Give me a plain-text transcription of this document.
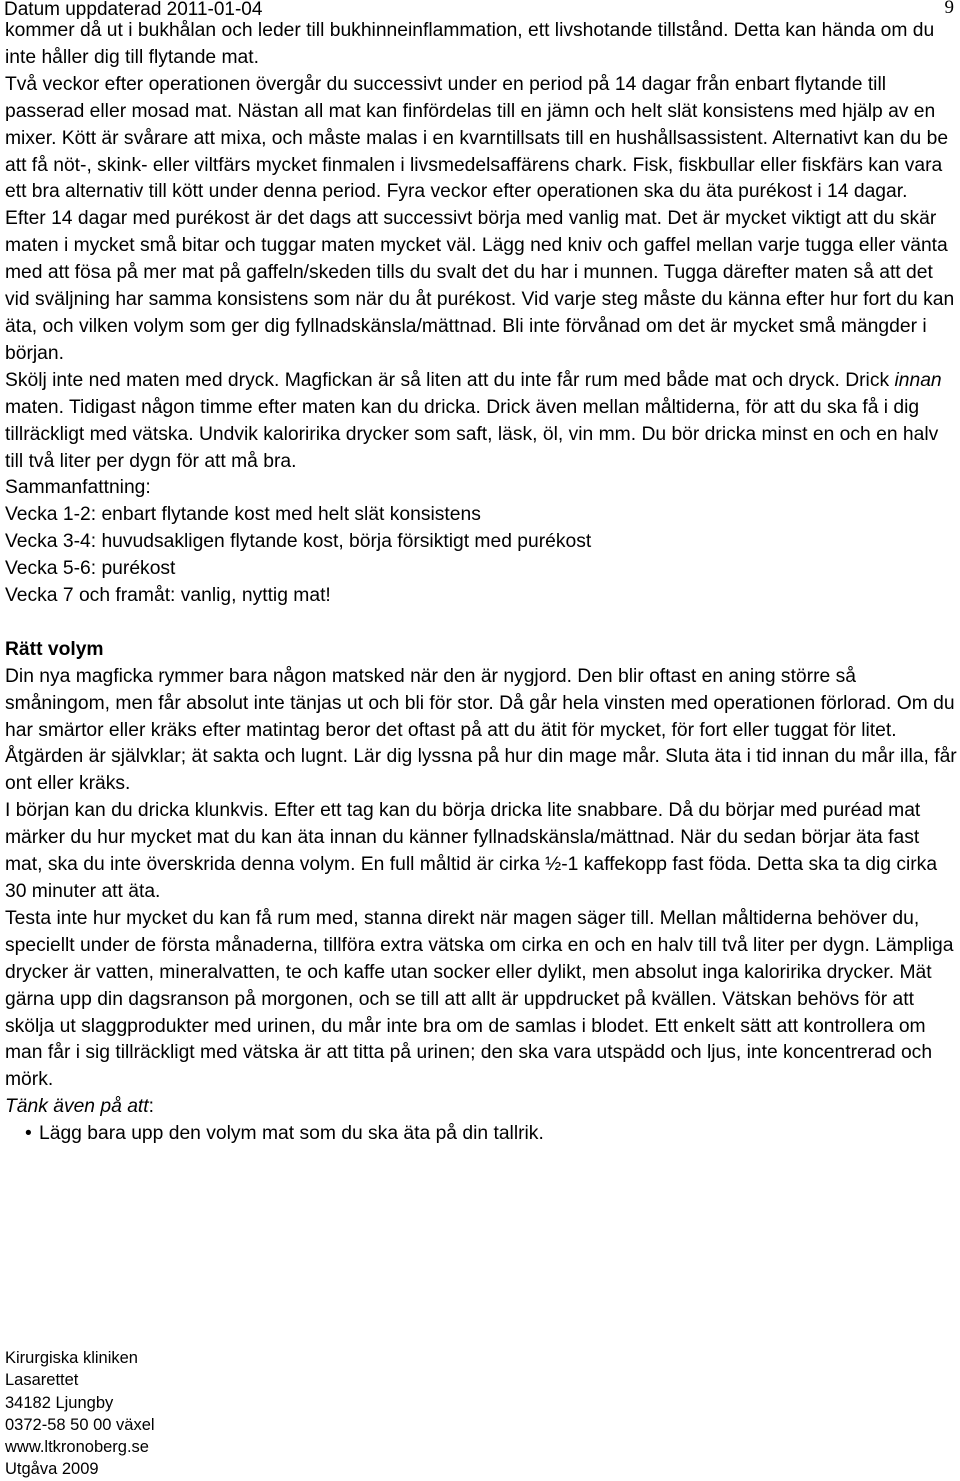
Datum uppdaterad 2011-01-04	9

kommer då ut i bukhålan och leder till bukhinneinflammation, ett livshotande tillstånd. Detta kan hända om du inte håller dig till flytande mat.

Två veckor efter operationen övergår du successivt under en period på 14 dagar från enbart flytande till passerad eller mosad mat. Nästan all mat kan finfördelas till en jämn och helt slät konsistens med hjälp av en mixer. Kött är svårare att mixa, och måste malas i en kvarntillsats till en hushållsassistent. Alternativt kan du be att få nöt-, skink- eller viltfärs mycket finmalen i livsmedelsaffärens chark. Fisk, fiskbullar eller fiskfärs kan vara ett bra alternativ till kött under denna period. Fyra veckor efter operationen ska du äta purékost i 14 dagar.

Efter 14 dagar med purékost är det dags att successivt börja med vanlig mat. Det är mycket viktigt att du skär maten i mycket små bitar och tuggar maten mycket väl. Lägg ned kniv och gaffel mellan varje tugga eller vänta med att fösa på mer mat på gaffeln/skeden tills du svalt det du har i munnen. Tugga därefter maten så att det vid sväljning har samma konsistens som när du åt purékost. Vid varje steg måste du känna efter hur fort du kan äta, och vilken volym som ger dig fyllnadskänsla/mättnad. Bli inte förvånad om det är mycket små mängder i början.

Skölj inte ned maten med dryck. Magfickan är så liten att du inte får rum med både mat och dryck. Drick innan maten. Tidigast någon timme efter maten kan du dricka. Drick även mellan måltiderna, för att du ska få i dig tillräckligt med vätska. Undvik kaloririka drycker som saft, läsk, öl, vin mm. Du bör dricka minst en och en halv till två liter per dygn för att må bra.

Sammanfattning:

Vecka 1-2: enbart flytande kost med helt slät konsistens

Vecka 3-4: huvudsakligen flytande kost, börja försiktigt med purékost

Vecka 5-6: purékost

Vecka 7 och framåt: vanlig, nyttig mat!

Rätt volym

Din nya magficka rymmer bara någon matsked när den är nygjord. Den blir oftast en aning större så småningom, men får absolut inte tänjas ut och bli för stor. Då går hela vinsten med operationen förlorad. Om du har smärtor eller kräks efter matintag beror det oftast på att du ätit för mycket, för fort eller tuggat för litet. Åtgärden är självklar; ät sakta och lugnt. Lär dig lyssna på hur din mage mår. Sluta äta i tid innan du mår illa, får ont eller kräks.

I början kan du dricka klunkvis. Efter ett tag kan du börja dricka lite snabbare. Då du börjar med puréad mat märker du hur mycket mat du kan äta innan du känner fyllnadskänsla/mättnad. När du sedan börjar äta fast mat, ska du inte överskrida denna volym. En full måltid är cirka ½-1 kaffekopp fast föda. Detta ska ta dig cirka 30 minuter att äta.

Testa inte hur mycket du kan få rum med, stanna direkt när magen säger till. Mellan måltiderna behöver du, speciellt under de första månaderna, tillföra extra vätska om cirka en och en halv till två liter per dygn. Lämpliga drycker är vatten, mineralvatten, te och kaffe utan socker eller dylikt, men absolut inga kaloririka drycker. Mät gärna upp din dagsranson på morgonen, och se till att allt är uppdrucket på kvällen. Vätskan behövs för att skölja ut slaggprodukter med urinen, du mår inte bra om de samlas i blodet. Ett enkelt sätt att kontrollera om man får i sig tillräckligt med vätska är att titta på urinen; den ska vara utspädd och ljus, inte koncentrerad och mörk.

Tänk även på att:

• Lägg bara upp den volym mat som du ska äta på din tallrik.

Kirurgiska kliniken
Lasarettet
34182 Ljungby
0372-58 50 00 växel
www.ltkronoberg.se
Utgåva 2009
